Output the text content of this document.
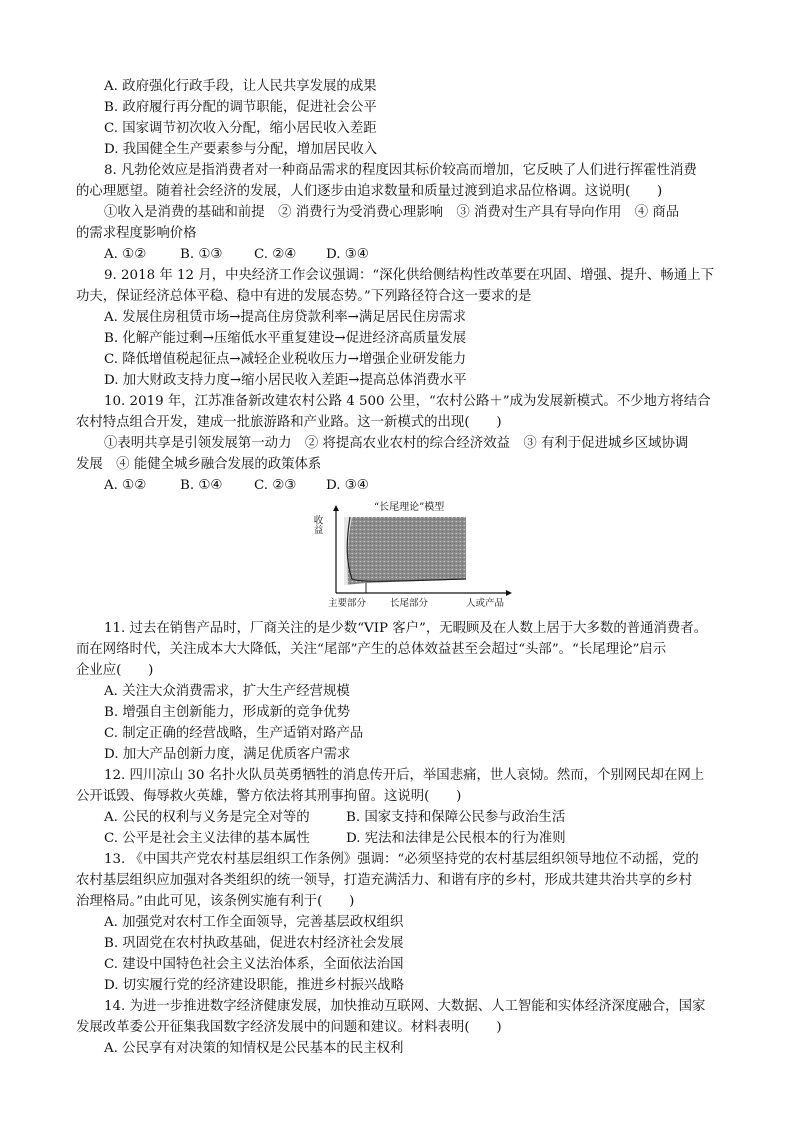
A. 政府强化行政手段，让人民共享发展的成果
B. 政府履行再分配的调节职能，促进社会公平
C. 国家调节初次收入分配，缩小居民收入差距
D. 我国健全生产要素参与分配，增加居民收入
8. 凡勃伦效应是指消费者对一种商品需求的程度因其标价较高而增加，它反映了人们进行挥霍性消费
的心理愿望。随着社会经济的发展，人们逐步由追求数量和质量过渡到追求品位格调。这说明(　　)
①收入是消费的基础和前提　② 消费行为受消费心理影响　③ 消费对生产具有导向作用　④ 商品
的需求程度影响价格
A. ①②	B. ①③ C. ②④ D. ③④
9. 2018 年 12 月，中央经济工作会议强调：“深化供给侧结构性改革要在巩固、增强、提升、畅通上下
功夫，保证经济总体平稳、稳中有进的发展态势。”下列路径符合这一要求的是
A. 发展住房租赁市场→提高住房贷款利率→满足居民住房需求
B. 化解产能过剩→压缩低水平重复建设→促进经济高质量发展
C. 降低增值税起征点→减轻企业税收压力→增强企业研发能力
D. 加大财政支持力度→缩小居民收入差距→提高总体消费水平
10. 2019 年，江苏准备新改建农村公路 4 500 公里，“农村公路＋”成为发展新模式。不少地方将结合
农村特点组合开发，建成一批旅游路和产业路。这一新模式的出现(　　)
①表明共享是引领发展第一动力　② 将提高农业农村的综合经济效益　③ 有利于促进城乡区域协调
发展　④ 能健全城乡融合发展的政策体系
A. ①②	B. ①④ C. ②③ D. ③④
“长尾理论”模型
收益
主要部分	长尾部分	人或产品
11. 过去在销售产品时，厂商关注的是少数“VIP 客户”，无暇顾及在人数上居于大多数的普通消费者。
而在网络时代，关注成本大大降低，关注“尾部”产生的总体效益甚至会超过“头部”。“长尾理论”启示
企业应(　　)
A. 关注大众消费需求，扩大生产经营规模
B. 增强自主创新能力，形成新的竞争优势
C. 制定正确的经营战略，生产适销对路产品
D. 加大产品创新力度，满足优质客户需求
12. 四川凉山 30 名扑火队员英勇牺牲的消息传开后，举国悲痛，世人哀恸。然而，个别网民却在网上
公开诋毁、侮辱救火英雄，警方依法将其刑事拘留。这说明(　　)
A. 公民的权利与义务是完全对等的	B. 国家支持和保障公民参与政治生活
C. 公平是社会主义法律的基本属性	D. 宪法和法律是公民根本的行为准则
13. 《中国共产党农村基层组织工作条例》强调：“必须坚持党的农村基层组织领导地位不动摇，党的
农村基层组织应加强对各类组织的统一领导，打造充满活力、和谐有序的乡村，形成共建共治共享的乡村
治理格局。”由此可见，该条例实施有利于(　　)
A. 加强党对农村工作全面领导，完善基层政权组织
B. 巩固党在农村执政基础，促进农村经济社会发展
C. 建设中国特色社会主义法治体系，全面依法治国
D. 切实履行党的经济建设职能，推进乡村振兴战略
14. 为进一步推进数字经济健康发展，加快推动互联网、大数据、人工智能和实体经济深度融合，国家
发展改革委公开征集我国数字经济发展中的问题和建议。材料表明(　　)
A. 公民享有对决策的知情权是公民基本的民主权利
